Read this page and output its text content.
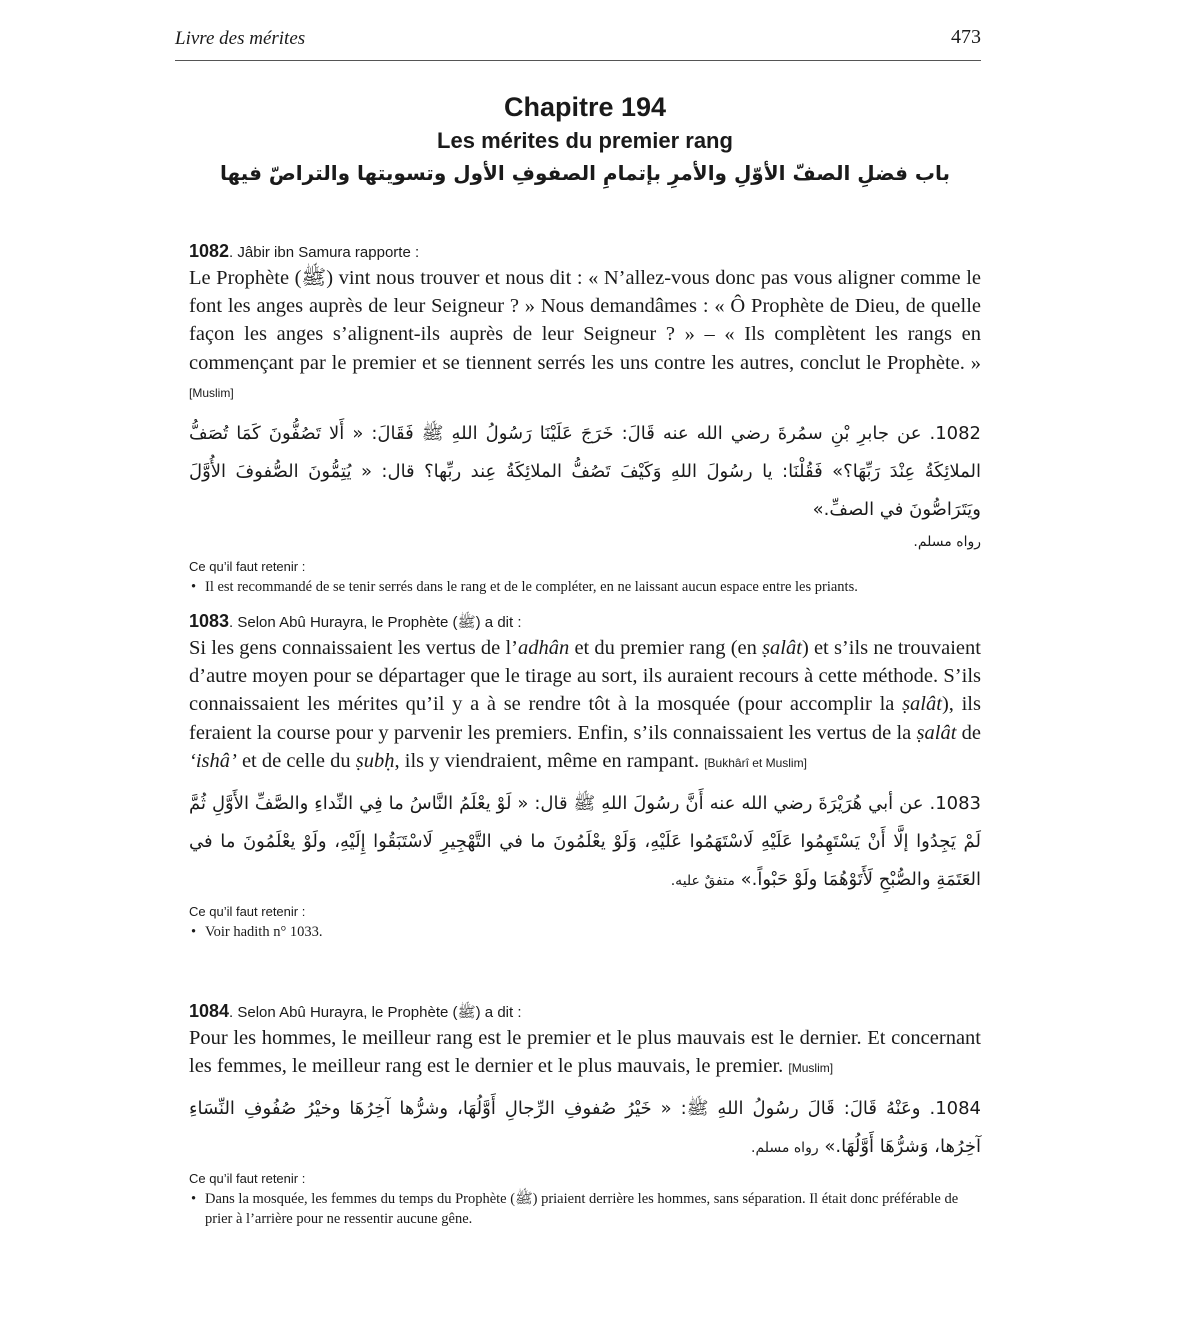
Livre des mérites	473
Chapitre 194
Les mérites du premier rang
باب فضلِ الصفّ الأوّلِ والأمرِ بإتمامِ الصفوفِ الأول وتسويتها والتراصّ فيها
1082. Jâbir ibn Samura rapporte :
Le Prophète (ﷺ) vint nous trouver et nous dit : « N’allez-vous donc pas vous aligner comme le font les anges auprès de leur Seigneur ? » Nous demandâmes : « Ô Prophète de Dieu, de quelle façon les anges s’alignent-ils auprès de leur Seigneur ? » – « Ils complètent les rangs en commençant par le premier et se tiennent serrés les uns contre les autres, conclut le Prophète. » [Muslim]
1082. عن جابرِ بْنِ سمُرةَ رضي الله عنه قَالَ: خَرَجَ عَلَيْنَا رَسُولُ اللهِ ﷺ فَقَالَ: « أَلا تَصُفُّونَ كَمَا تُصَفُّ الملائِكَةُ عِنْدَ رَبِّهَا؟» فَقُلْنَا: يا رسُولَ اللهِ وَكَيْفَ تَصُفُّ الملائِكَةُ عِند ربِّها؟ قال: « يُتِمُّونَ الصُّفوفَ الأُوَّلَ ويَتَرَاصُّونَ في الصفِّ.»
رواه مسلم.
Ce qu’il faut retenir :
• Il est recommandé de se tenir serrés dans le rang et de le compléter, en ne laissant aucun espace entre les priants.
1083. Selon Abû Hurayra, le Prophète (ﷺ) a dit :
Si les gens connaissaient les vertus de l’adhân et du premier rang (en ṣalât) et s’ils ne trouvaient d’autre moyen pour se départager que le tirage au sort, ils auraient recours à cette méthode. S’ils connaissaient les mérites qu’il y a à se rendre tôt à la mosquée (pour accomplir la ṣalât), ils feraient la course pour y parvenir les premiers. Enfin, s’ils connaissaient les vertus de la ṣalât de ‘ishâ’ et de celle du ṣubḥ, ils y viendraient, même en rampant. [Bukhârî et Muslim]
1083. عن أبي هُرَيْرَةَ رضي الله عنه أَنَّ رسُولَ اللهِ ﷺ قال: « لَوْ يعْلَمُ النَّاسُ ما فِي النِّداءِ والصَّفِّ الأَوَّلِ ثُمَّ لَمْ يَجِدُوا إلَّا أَنْ يَسْتَهِمُوا عَلَيْهِ لَاسْتَهَمُوا عَلَيْهِ، وَلَوْ يعْلَمُونَ ما في التَّهْجِيرِ لَاسْتَبَقُوا إِلَيْهِ، ولَوْ يعْلَمُونَ ما في العَتَمَةِ والصُّبْحِ لَأَتَوْهُمَا ولَوْ حَبْواً.» متفقٌ عليه.
Ce qu’il faut retenir :
• Voir hadith n° 1033.
1084. Selon Abû Hurayra, le Prophète (ﷺ) a dit :
Pour les hommes, le meilleur rang est le premier et le plus mauvais est le dernier. Et concernant les femmes, le meilleur rang est le dernier et le plus mauvais, le premier. [Muslim]
1084. وعَنْهُ قَالَ: قَالَ رسُولُ اللهِ ﷺ: « خَيْرُ صُفوفِ الرِّجالِ أَوَّلُهَا، وشرُّها آخِرُهَا وخيْرُ صُفُوفِ النِّسَاءِ آخِرُها، وَشرُّهَا أَوَّلُهَا.» رواه مسلم.
Ce qu’il faut retenir :
• Dans la mosquée, les femmes du temps du Prophète (ﷺ) priaient derrière les hommes, sans séparation. Il était donc préférable de prier à l’arrière pour ne ressentir aucune gêne.
